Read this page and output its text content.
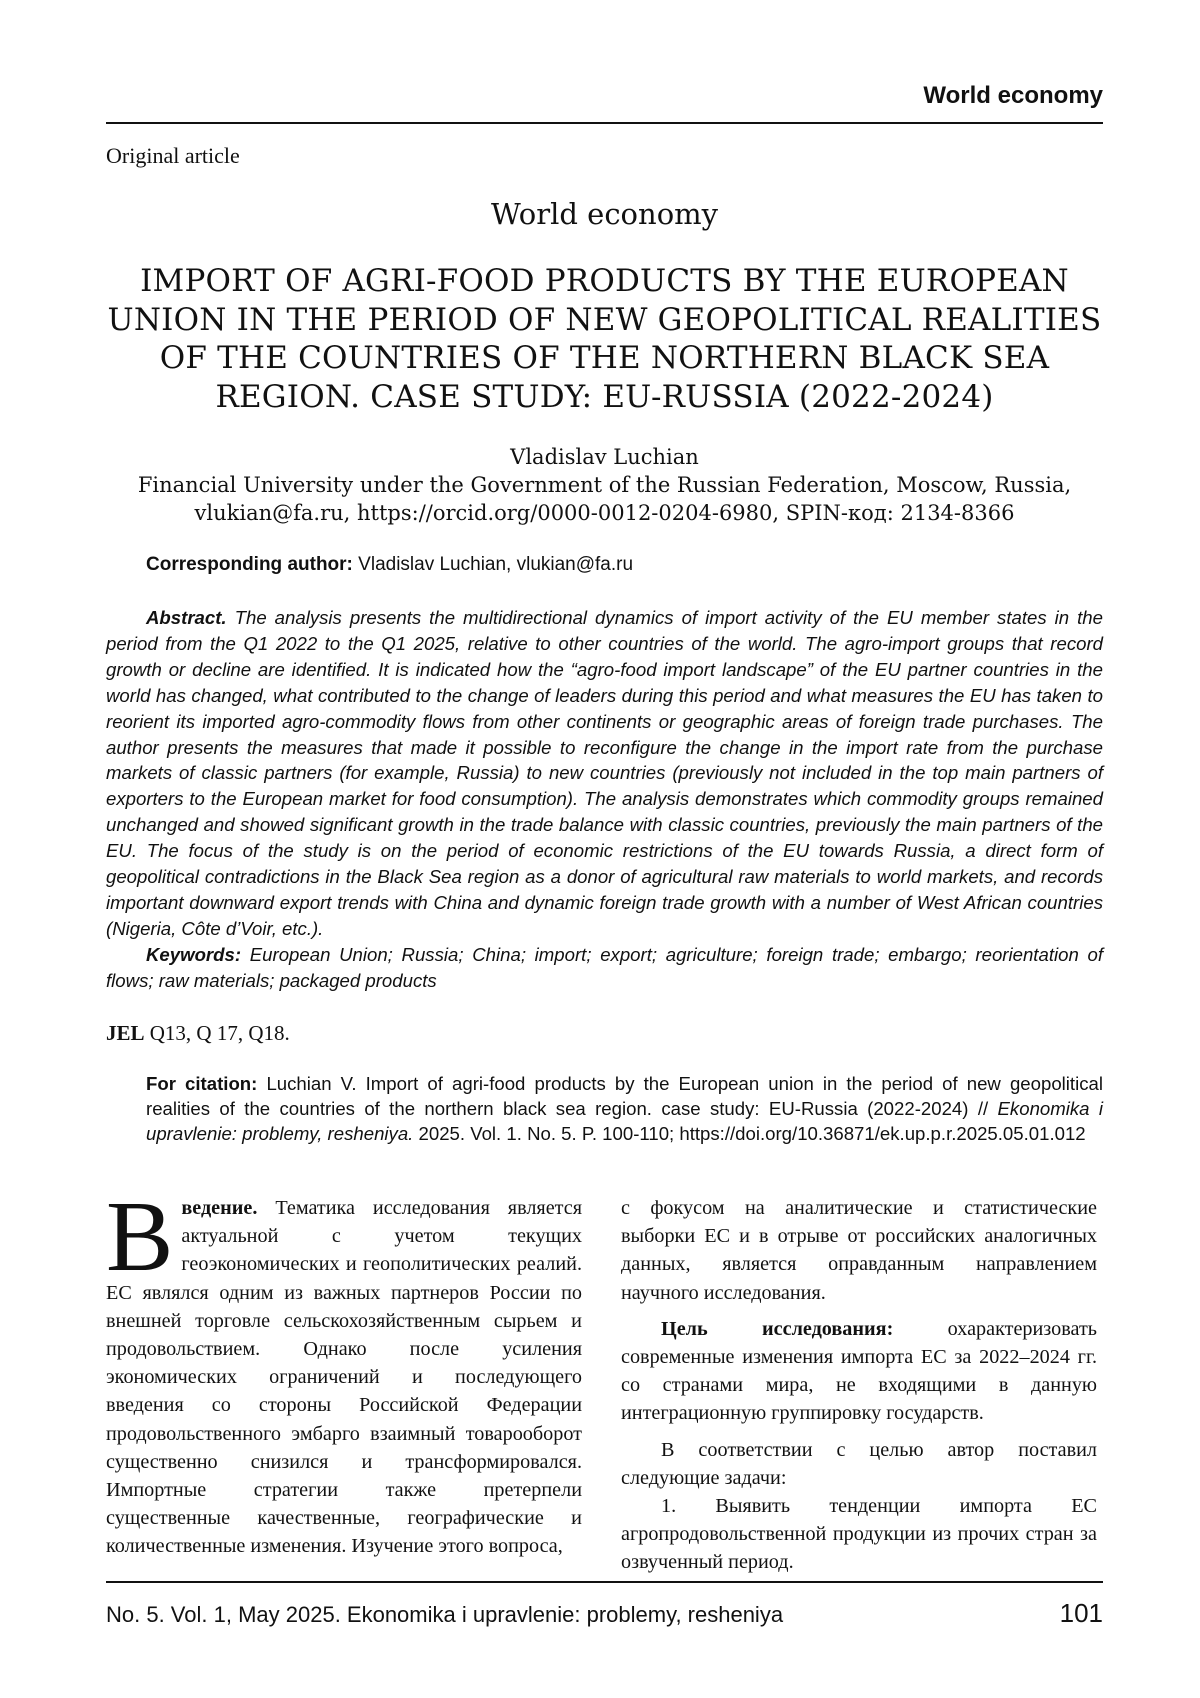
World economy
Original article
World economy
IMPORT OF AGRI-FOOD PRODUCTS BY THE EUROPEAN UNION IN THE PERIOD OF NEW GEOPOLITICAL REALITIES OF THE COUNTRIES OF THE NORTHERN BLACK SEA REGION. CASE STUDY: EU-RUSSIA (2022-2024)
Vladislav Luchian
Financial University under the Government of the Russian Federation, Moscow, Russia,
vlukian@fa.ru, https://orcid.org/0000-0012-0204-6980, SPIN-код: 2134-8366
Corresponding author: Vladislav Luchian, vlukian@fa.ru

Abstract. The analysis presents the multidirectional dynamics of import activity of the EU member states in the period from the Q1 2022 to the Q1 2025, relative to other countries of the world. The agro-import groups that record growth or decline are identified. It is indicated how the “agro-food import landscape” of the EU partner countries in the world has changed, what contributed to the change of leaders during this period and what measures the EU has taken to reorient its imported agro-commodity flows from other continents or geographic areas of foreign trade purchases. The author presents the measures that made it possible to reconfigure the change in the import rate from the purchase markets of classic partners (for example, Russia) to new countries (previously not included in the top main partners of exporters to the European market for food consumption). The analysis demonstrates which commodity groups remained unchanged and showed significant growth in the trade balance with classic countries, previously the main partners of the EU. The focus of the study is on the period of economic restrictions of the EU towards Russia, a direct form of geopolitical contradictions in the Black Sea region as a donor of agricultural raw materials to world markets, and records important downward export trends with China and dynamic foreign trade growth with a number of West African countries (Nigeria, Côte d’Voir, etc.).

Keywords: European Union; Russia; China; import; export; agriculture; foreign trade; embargo; reorientation of flows; raw materials; packaged products

JEL Q13, Q 17, Q18.
For citation: Luchian V. Import of agri-food products by the European union in the period of new geopolitical realities of the countries of the northern black sea region. case study: EU-Russia (2022-2024) // Ekonomika i upravlenie: problemy, resheniya. 2025. Vol. 1. No. 5. P. 100-110; https://doi.org/10.36871/ek.up.p.r.2025.05.01.012

В ведение. Тематика исследования является актуальной с учетом текущих геоэкономических и геополитических реалий. ЕС являлся одним из важных партнеров России по внешней торговле сельскохозяйственным сырьем и продовольствием. Однако после усиления экономических ограничений и последующего введения со стороны Российской Федерации продовольственного эмбарго взаимный товарооборот существенно снизился и трансформировался. Импортные стратегии также претерпели существенные качественные, географические и количественные изменения. Изучение этого вопроса,

с фокусом на аналитические и статистические выборки ЕС и в отрыве от российских аналогичных данных, является оправданным направлением научного исследования.

Цель исследования:	охарактеризовать современные изменения импорта ЕС за 2022–2024 гг. со странами мира, не входящими в данную интеграционную группировку государств.

В соответствии с целью автор поставил следующие задачи:

1. Выявить тенденции импорта ЕС агропродовольственной продукции из прочих стран за озвученный период.

No. 5. Vol. 1, May 2025. Ekonomika i upravlenie: problemy, resheniya	101
